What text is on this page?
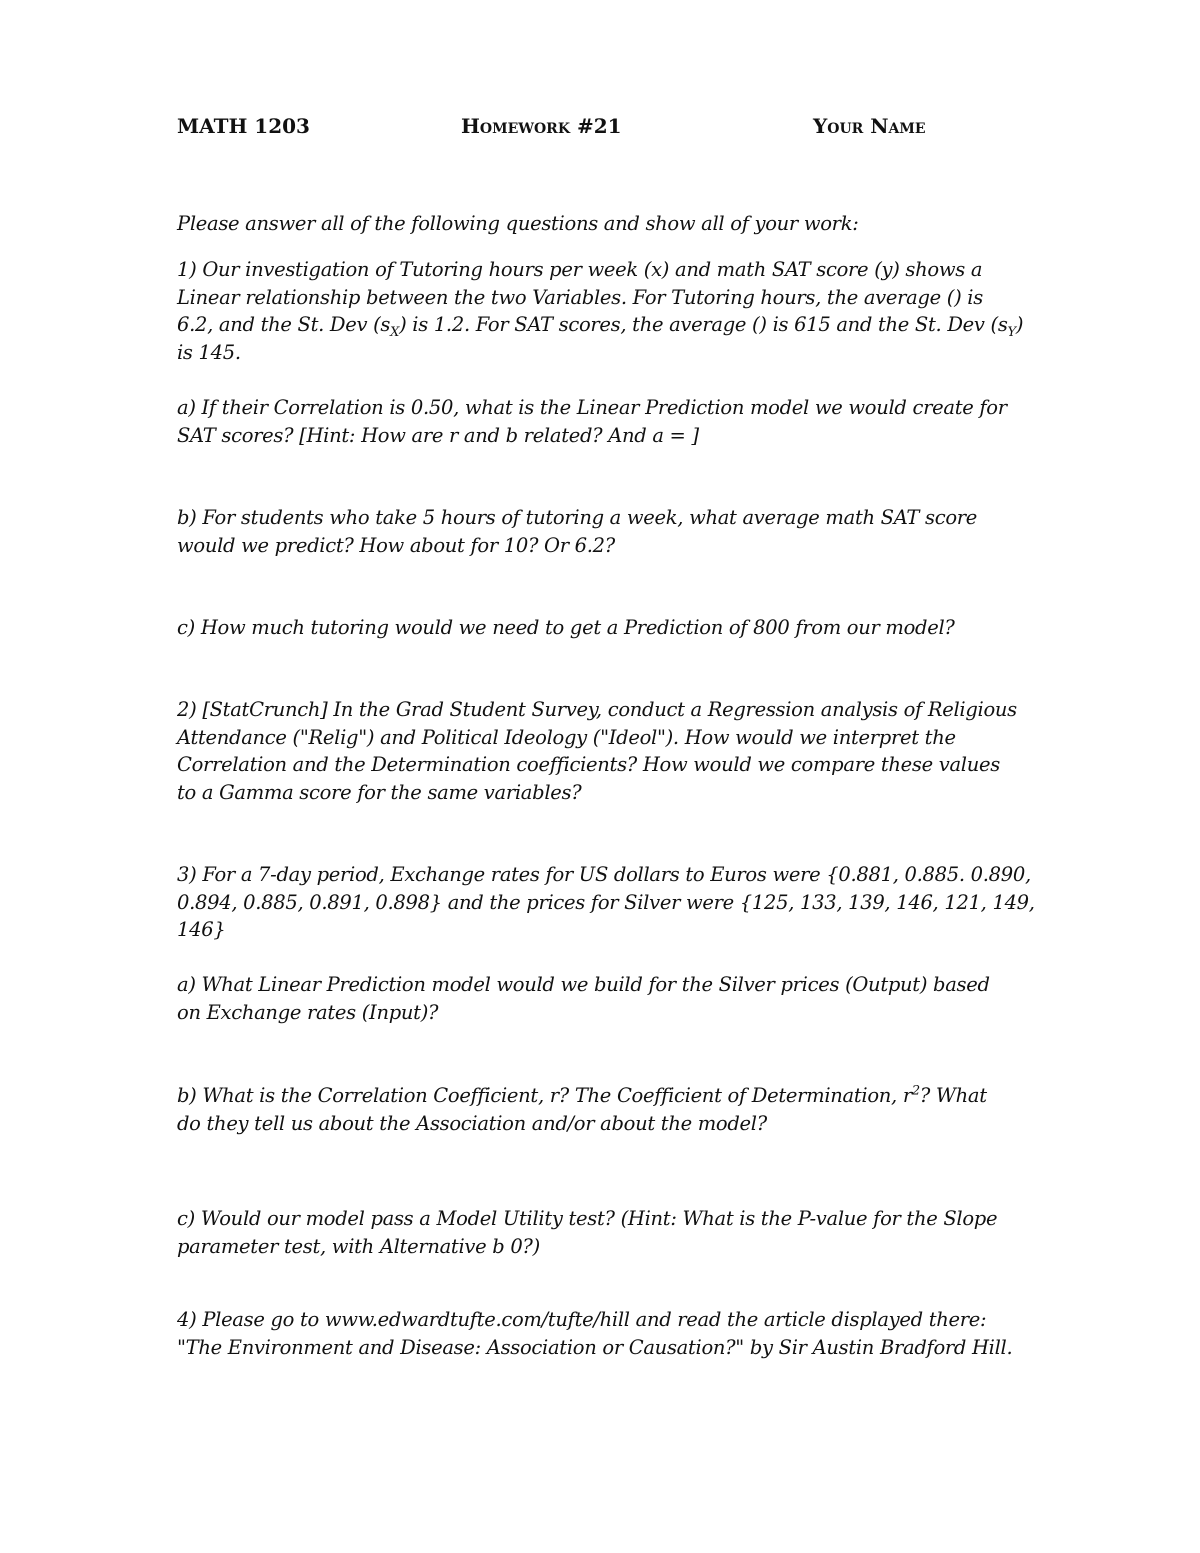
MATH 1203	Homework #21	Your Name
Please answer all of the following questions and show all of your work:
1) Our investigation of Tutoring hours per week (x) and math SAT score (y) shows a
Linear relationship between the two Variables. For Tutoring hours, the average () is
6.2, and the St. Dev $(s_X)$ is 1.2. For SAT scores, the average () is 615 and the St. Dev $(s_Y)$
is 145.
a) If their Correlation is 0.50, what is the Linear Prediction model we would create for
SAT scores? [Hint: How are r and b related? And a = ]
b) For students who take 5 hours of tutoring a week, what average math SAT score
would we predict? How about for 10? Or 6.2?
c) How much tutoring would we need to get a Prediction of 800 from our model?
2) [StatCrunch] In the Grad Student Survey, conduct a Regression analysis of Religious
Attendance ("Relig") and Political Ideology ("Ideol"). How would we interpret the
Correlation and the Determination coefficients? How would we compare these values
to a Gamma score for the same variables?
3) For a 7-day period, Exchange rates for US dollars to Euros were {0.881, 0.885. 0.890,
0.894, 0.885, 0.891, 0.898} and the prices for Silver were {125, 133, 139, 146, 121, 149,
146}
a) What Linear Prediction model would we build for the Silver prices (Output) based
on Exchange rates (Input)?
b) What is the Correlation Coefficient, r? The Coefficient of Determination, $r^2$? What
do they tell us about the Association and/or about the model?
c) Would our model pass a Model Utility test? (Hint: What is the P-value for the Slope
parameter test, with Alternative b 0?)
4) Please go to www.edwardtufte.com/tufte/hill and read the article displayed there:
"The Environment and Disease: Association or Causation?" by Sir Austin Bradford Hill.
